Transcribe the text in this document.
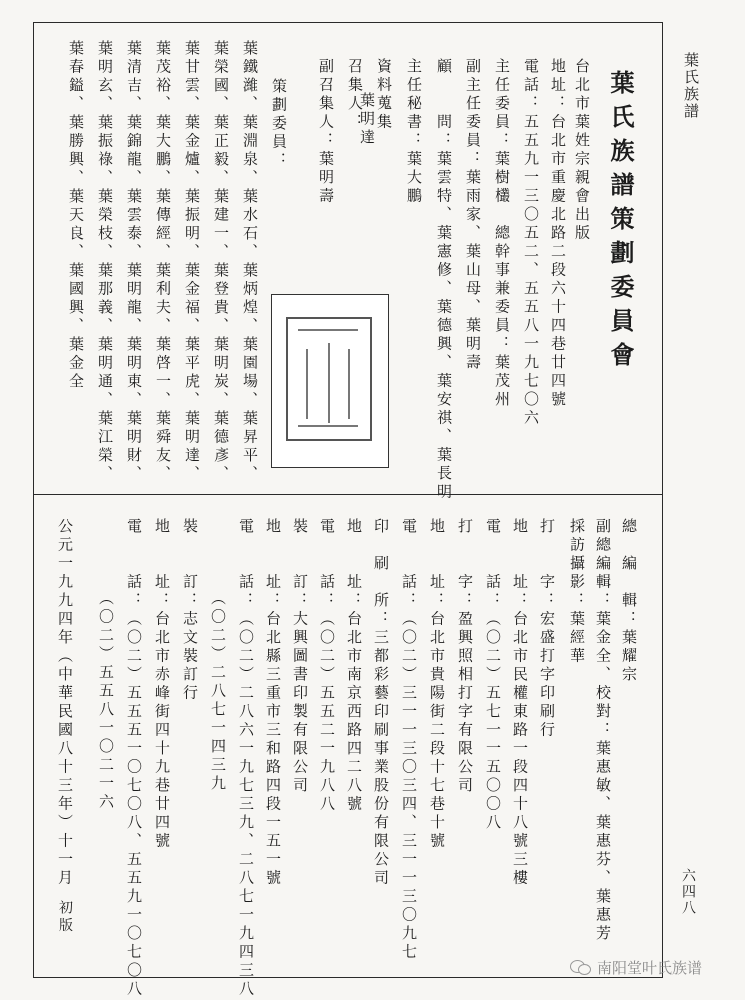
葉氏族譜
六四八
葉氏族譜策劃委員會
台北市葉姓宗親會出版
地址：台北市重慶北路二段六十四巷廿四號
電話：五五九一三〇五二、五五八一九七〇六
主任委員：葉樹欉　總幹事兼委員：葉茂州
副主任委員：葉雨家、葉山母、葉明壽
顧　　問：葉雲特、葉憲修、葉德興、葉安祺、葉長明
主任秘書：葉大鵬
資料蒐集
葉明達
召集人：
副召集人：葉明壽
策劃委員：
葉鐵濰、葉淵泉、葉水石、葉炳煌、葉園場、葉昇平、
葉榮國、葉正毅、葉建一、葉登貴、葉明炭、葉德彥、
葉甘雲、葉金爐、葉振明、葉金福、葉平虎、葉明達、
葉茂裕、葉大鵬、葉傳經、葉利夫、葉啓一、葉舜友、
葉清吉、葉錦龍、葉雲泰、葉明龍、葉明東、葉明財、
葉明玄、葉振祿、葉榮枝、葉那義、葉明通、葉江榮、
葉春鎰、葉勝興、葉天良、葉國興、葉金全
總　編　輯：葉耀宗
副總編輯：葉金全、校對：葉惠敏、葉惠芬、葉惠芳
採訪攝影：葉經華
打　　字：宏盛打字印刷行
地　　址：台北市民權東路一段四十八號三樓
電　　話：（〇二）五七一一五〇〇八
打　　字：盈興照相打字有限公司
地　　址：台北市貴陽街二段十七巷十號
電　　話：（〇二）三一一三〇三四、三一一三〇九七
印　刷　所：三都彩藝印刷事業股份有限公司
地　　址：台北市南京西路四二八號
電　　話：（〇二）五五二一九八八
裝　　訂：大興圖書印製有限公司
地　　址：台北縣三重市三和路四段一五一號
電　　話：（〇二）二八六一九七三九、二八七一九四三八
（〇二）二八七一四三九
裝　　訂：志文裝訂行
地　　址：台北市赤峰街四十九巷廿四號
電　　話：（〇二）五五五一〇七〇八、五五九一〇七〇八
（〇二）五五八一〇二一六
公元一九九四年（中華民國八十三年）十一月
初版
南阳堂叶氏族谱
